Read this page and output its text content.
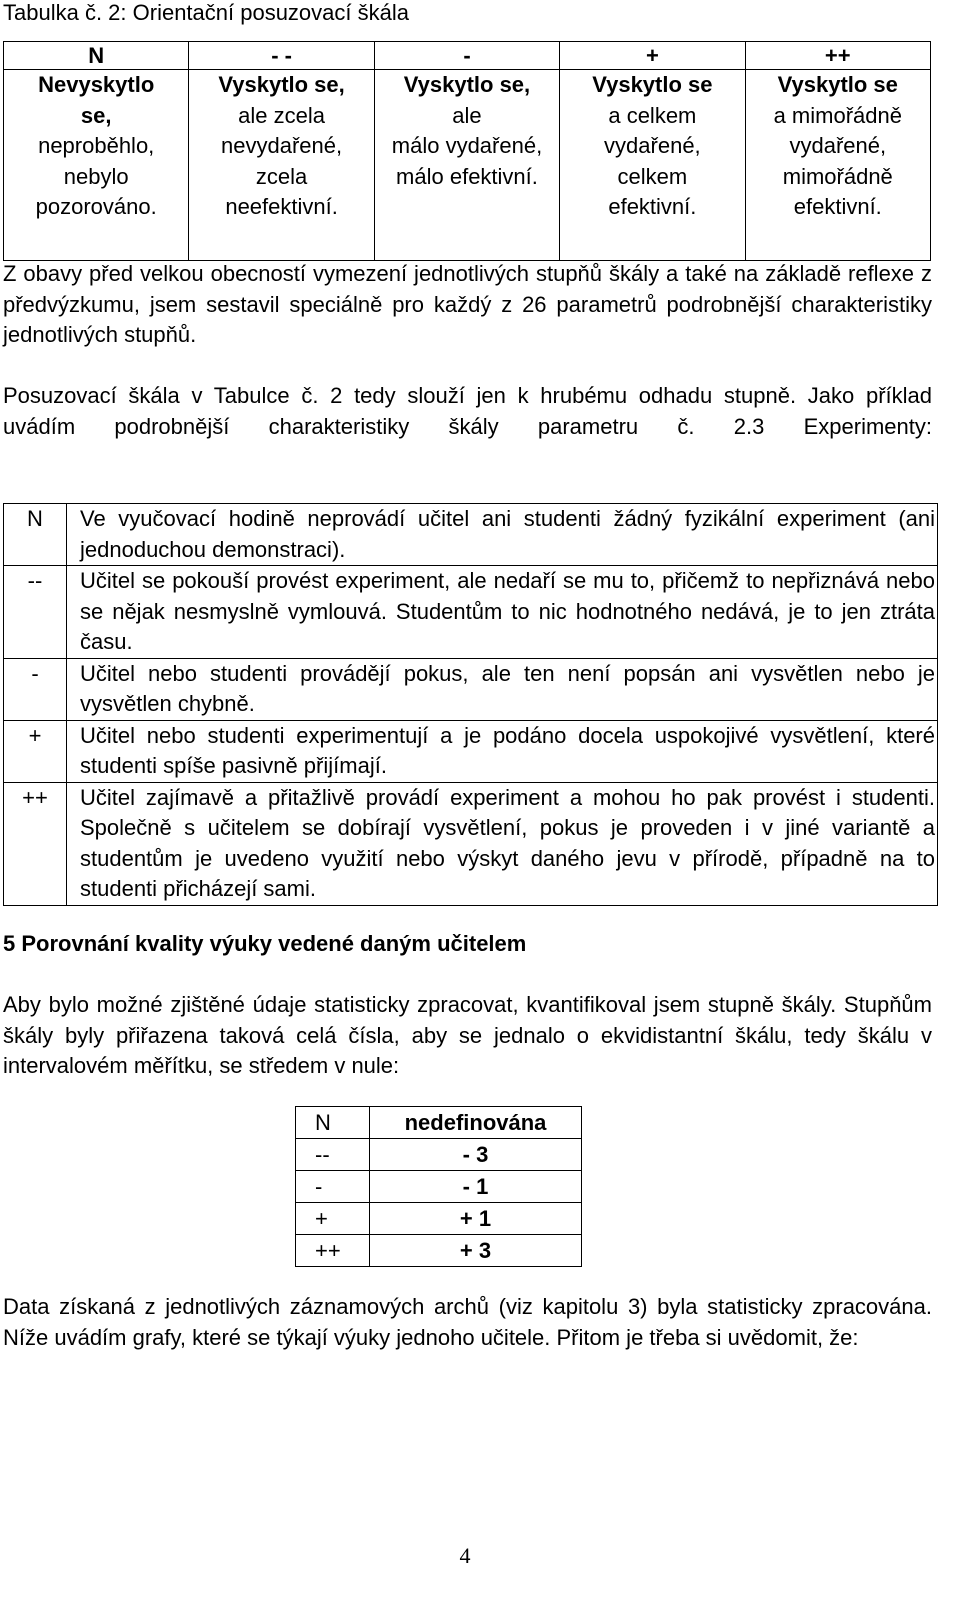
Tabulka č. 2: Orientační posuzovací škála
N	- -	-	+	++
Nevyskytlo
se,
neproběhlo,
nebylo
pozorováno.	Vyskytlo se,
ale zcela
nevydařené,
zcela
neefektivní.	Vyskytlo se,
ale
málo vydařené,
málo efektivní.	Vyskytlo se
a celkem
vydařené,
celkem
efektivní.	Vyskytlo se
a mimořádně
vydařené,
mimořádně
efektivní.
Z obavy před velkou obecností vymezení jednotlivých stupňů škály a také na základě reflexe z předvýzkumu, jsem sestavil speciálně pro každý z 26 parametrů podrobnější charakteristiky jednotlivých stupňů.
Posuzovací škála v Tabulce č. 2 tedy slouží jen k hrubému odhadu stupně. Jako příklad uvádím podrobnější charakteristiky škály parametru č. 2.3 Experimenty:
N	Ve vyučovací hodině neprovádí učitel ani studenti žádný fyzikální experiment (ani jednoduchou demonstraci).
--	Učitel se pokouší provést experiment, ale nedaří se mu to, přičemž to nepřiznává nebo se nějak nesmyslně vymlouvá. Studentům to nic hodnotného nedává, je to jen ztráta času.
-	Učitel nebo studenti provádějí pokus, ale ten není popsán ani vysvětlen nebo je vysvětlen chybně.
+	Učitel nebo studenti experimentují a je podáno docela uspokojivé vysvětlení, které studenti spíše pasivně přijímají.
++	Učitel zajímavě a přitažlivě provádí experiment a mohou ho pak provést i studenti. Společně s učitelem se dobírají vysvětlení, pokus je proveden i v jiné variantě a studentům je uvedeno využití nebo výskyt daného jevu v přírodě, případně na to studenti přicházejí sami.
5 Porovnání kvality výuky vedené daným učitelem
Aby bylo možné zjištěné údaje statisticky zpracovat, kvantifikoval jsem stupně škály. Stupňům škály byly přiřazena taková celá čísla, aby se jednalo o ekvidistantní škálu, tedy škálu v intervalovém měřítku, se středem v nule:
N	nedefinována
--	- 3
-	- 1
+	+ 1
++	+ 3
Data získaná z jednotlivých záznamových archů (viz kapitolu 3) byla statisticky zpracována. Níže uvádím grafy, které se týkají výuky jednoho učitele. Přitom je třeba si uvědomit, že:
4
